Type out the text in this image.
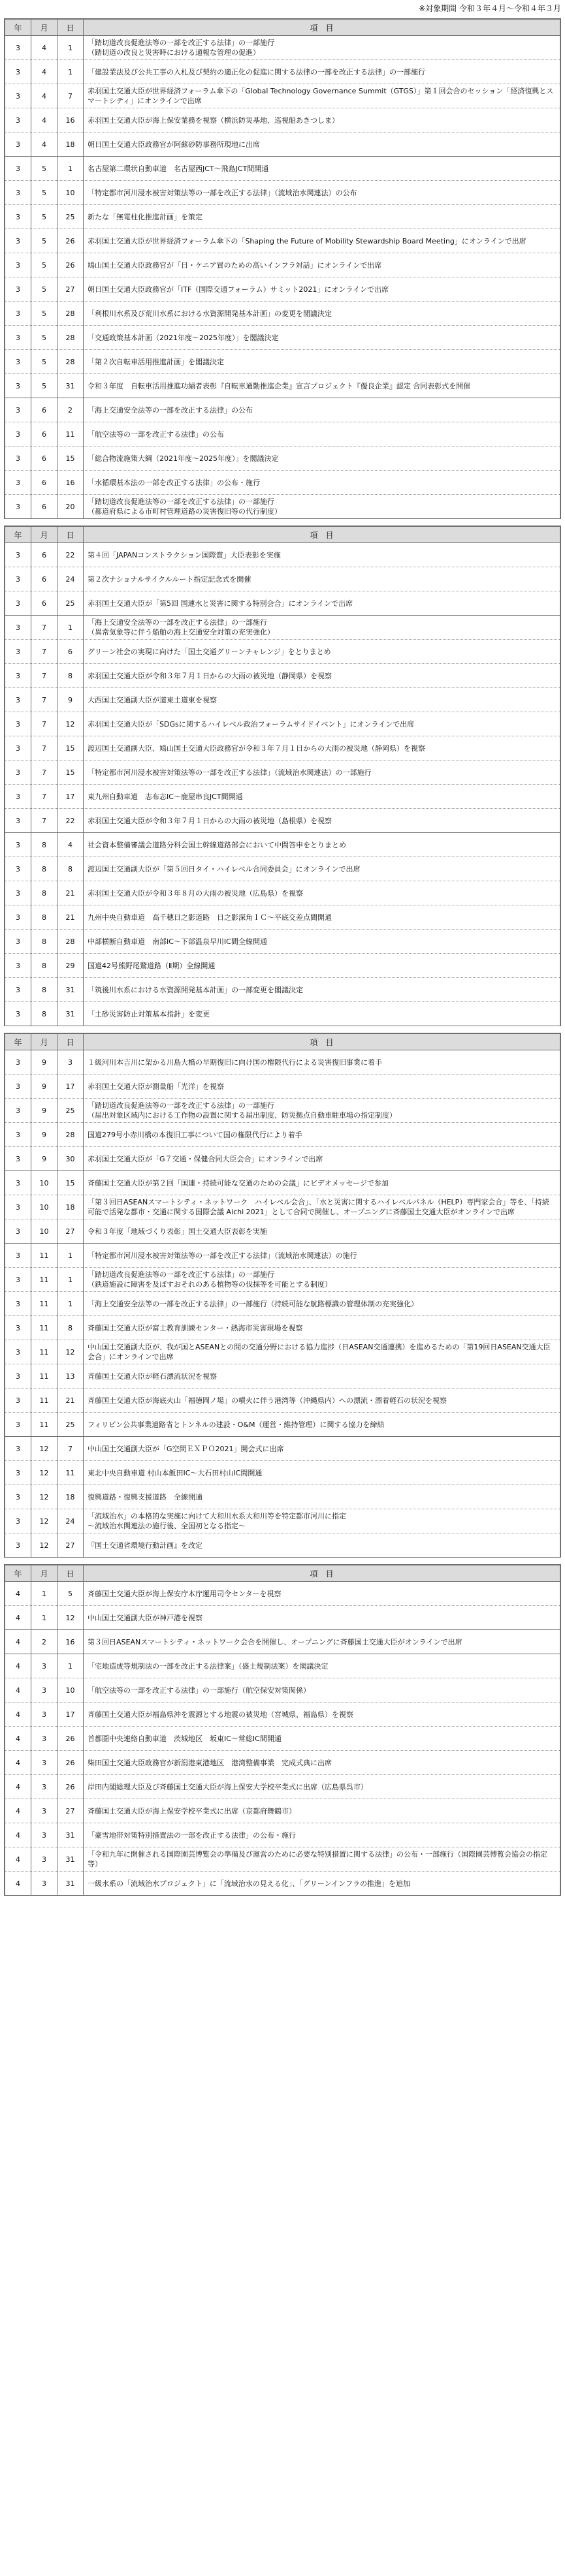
※対象期間 令和３年４月～令和４年３月
年	月	日	項　目
3	4	1	「踏切道改良促進法等の一部を改正する法律」の一部施行
（踏切道の改良と災害時における通報な管理の促進）
3	4	1	「建設業法及び公共工事の入札及び契約の適正化の促進に関する法律の一部を改正する法律」の一部施行
3	4	7	赤羽国土交通大臣が世界経済フォーラム傘下の「Global Technology Governance Summit（GTGS）」第１回会合のセッション「経済復興とスマートシティ」にオンラインで出席
3	4	16	赤羽国土交通大臣が海上保安業務を視察（横浜防災基地、巡視船あきつしま）
3	4	18	朝日国土交通大臣政務官が阿蘇砂防事務所現地に出席
3	5	1	名古屋第二環状自動車道　名古屋西JCT～飛島JCT間開通
3	5	10	「特定都市河川浸水被害対策法等の一部を改正する法律」（流域治水関連法）の公布
3	5	25	新たな「無電柱化推進計画」を策定
3	5	26	赤羽国土交通大臣が世界経済フォーラム傘下の「Shaping the Future of Mobility Stewardship Board Meeting」にオンラインで出席
3	5	26	鳩山国土交通大臣政務官が「日・ケニア貿のための高いインフラ対話」にオンラインで出席
3	5	27	朝日国土交通大臣政務官が「ITF（国際交通フォーラム）サミット2021」にオンラインで出席
3	5	28	「利根川水系及び荒川水系における水資源開発基本計画」の変更を閣議決定
3	5	28	「交通政策基本計画（2021年度～2025年度）」を閣議決定
3	5	28	「第２次自転車活用推進計画」を閣議決定
3	5	31	令和３年度　自転車活用推進功績者表彰『自転車通勤推進企業』宣言プロジェクト『優良企業』認定 合同表彰式を開催
3	6	2	「海上交通安全法等の一部を改正する法律」の公布
3	6	11	「航空法等の一部を改正する法律」の公布
3	6	15	「総合物流施策大綱（2021年度～2025年度）」を閣議決定
3	6	16	「水循環基本法の一部を改正する法律」の公布・施行
3	6	20	「踏切道改良促進法等の一部を改正する法律」の一部施行
（都道府県による市町村管理道路の災害復旧等の代行制度）
年	月	日	項　目
3	6	22	第４回「JAPANコンストラクション国際賞」大臣表彰を実施
3	6	24	第２次ナショナルサイクルルート指定記念式を開催
3	6	25	赤羽国土交通大臣が「第5回 国連水と災害に関する特別会合」にオンラインで出席
3	7	1	「海上交通安全法等の一部を改正する法律」の一部施行
（異常気象等に伴う船舶の海上交通安全対策の充実強化）
3	7	6	グリーン社会の実現に向けた「国土交通グリーンチャレンジ」をとりまとめ
3	7	8	赤羽国土交通大臣が令和３年７月１日からの大雨の被災地（静岡県）を視察
3	7	9	大西国土交通副大臣が道東土道東を視察
3	7	12	赤羽国土交通大臣が「SDGsに関するハイレベル政治フォーラムサイドイベント」にオンラインで出席
3	7	15	渡辺国土交通副大臣、鳩山国土交通大臣政務官が令和３年７月１日からの大雨の被災地（静岡県）を視察
3	7	15	「特定都市河川浸水被害対策法等の一部を改正する法律」（流域治水関連法）の一部施行
3	7	17	東九州自動車道　志布志IC～鹿屋串良JCT間開通
3	7	22	赤羽国土交通大臣が令和３年７月１日からの大雨の被災地（島根県）を視察
3	8	4	社会資本整備審議会道路分科会国土幹線道路部会において中間答申をとりまとめ
3	8	8	渡辺国土交通副大臣が「第５回日タイ・ハイレベル合同委員会」にオンラインで出席
3	8	21	赤羽国土交通大臣が令和３年８月の大雨の被災地（広島県）を視察
3	8	21	九州中央自動車道　高千穂日之影道路　日之影深角ＩＣ～平底交差点間開通
3	8	28	中部横断自動車道　南部IC～下部温泉早川IC間全線開通
3	8	29	国道42号熊野尾鷲道路（Ⅱ期）全線開通
3	8	31	「筑後川水系における水資源開発基本計画」の一部変更を閣議決定
3	8	31	「土砂災害防止対策基本指針」を変更
年	月	日	項　目
3	9	3	１級河川本吉川に架かる川島大橋の早期復旧に向け国の権限代行による災害復旧事業に着手
3	9	17	赤羽国土交通大臣が測量船「光洋」を視察
3	9	25	「踏切道改良促進法等の一部を改正する法律」の一部施行
（届出対象区域内における工作物の設置に関する届出制度、防災拠点自動車駐車場の指定制度）
3	9	28	国道279号小赤川橋の本復旧工事について国の権限代行により着手
3	9	30	赤羽国土交通大臣が「G７交通・保健合同大臣会合」にオンラインで出席
3	10	15	斉藤国土交通大臣が第２回「国連・持続可能な交通のための会議」にビデオメッセージで参加
3	10	18	「第３回日ASEANスマートシティ・ネットワーク　ハイレベル会合」、「水と災害に関するハイレベルパネル（HELP）専門家会合」等を、「持続可能で活発な都市・交通に関する国際会議 Aichi 2021」として合同で開催し、オープニングに斉藤国土交通大臣がオンラインで出席
3	10	27	令和３年度「地域づくり表彰」国土交通大臣表彰を実施
3	11	1	「特定都市河川浸水被害対策法等の一部を改正する法律」（流域治水関連法）の施行
3	11	1	「踏切道改良促進法等の一部を改正する法律」の一部施行
（鉄道施設に障害を及ぼすおそれのある植物等の伐採等を可能とする制度）
3	11	1	「海上交通安全法等の一部を改正する法律」の一部施行（持続可能な航路標識の管理体制の充実強化）
3	11	8	斉藤国土交通大臣が富士教育訓練センター・熱海市災害現場を視察
3	11	12	中山国土交通副大臣が、我が国とASEANとの間の交通分野における協力進捗（日ASEAN交通連携）を進めるための「第19回日ASEAN交通大臣会合」にオンラインで出席
3	11	13	斉藤国土交通大臣が軽石漂流状況を視察
3	11	21	斉藤国土交通大臣が海底火山「福徳岡ノ場」の噴火に伴う港湾等（沖縄県内）への漂流・漂着軽石の状況を視察
3	11	25	フィリピン公共事業道路省とトンネルの建設・O&M（運営・維持管理）に関する協力を締結
3	12	7	中山国土交通副大臣が「G空間ＥＸＰＯ2021」開会式に出席
3	12	11	東北中央自動車道 村山本飯田IC～大石田村山IC間開通
3	12	18	復興道路・復興支援道路　全線開通
3	12	24	「流域治水」の本格的な実施に向けて大和川水系大和川等を特定都市河川に指定
～流域治水関連法の施行後、全国初となる指定～
3	12	27	『国土交通省環境行動計画』を改定
年	月	日	項　目
4	1	5	斉藤国土交通大臣が海上保安庁本庁運用司令センターを視察
4	1	12	中山国土交通副大臣が神戸港を視察
4	2	16	第３回日ASEANスマートシティ・ネットワーク会合を開催し、オープニングに斉藤国土交通大臣がオンラインで出席
4	3	1	「宅地造成等規制法の一部を改正する法律案」（盛土規制法案）を閣議決定
4	3	10	「航空法等の一部を改正する法律」の一部施行（航空保安対策関係）
4	3	17	斉藤国土交通大臣が福島県沖を震源とする地震の被災地（宮城県、福島県）を視察
4	3	26	首都圏中央連絡自動車道　茨城地区　坂東IC～常総IC間開通
4	3	26	柴田国土交通大臣政務官が新潟港東港地区　港湾整備事業　完成式典に出席
4	3	26	岸田内閣総理大臣及び斉藤国土交通大臣が海上保安大学校卒業式に出席（広島県呉市）
4	3	27	斉藤国土交通大臣が海上保安学校卒業式に出席（京都府舞鶴市）
4	3	31	「豪雪地帯対策特別措置法の一部を改正する法律」の公布・施行
4	3	31	「令和九年に開催される国際園芸博覧会の準備及び運営のために必要な特別措置に関する法律」の公布・一部施行（国際園芸博覧会協会の指定等）
4	3	31	一級水系の「流域治水プロジェクト」に「流域治水の見える化」、「グリーンインフラの推進」を追加
